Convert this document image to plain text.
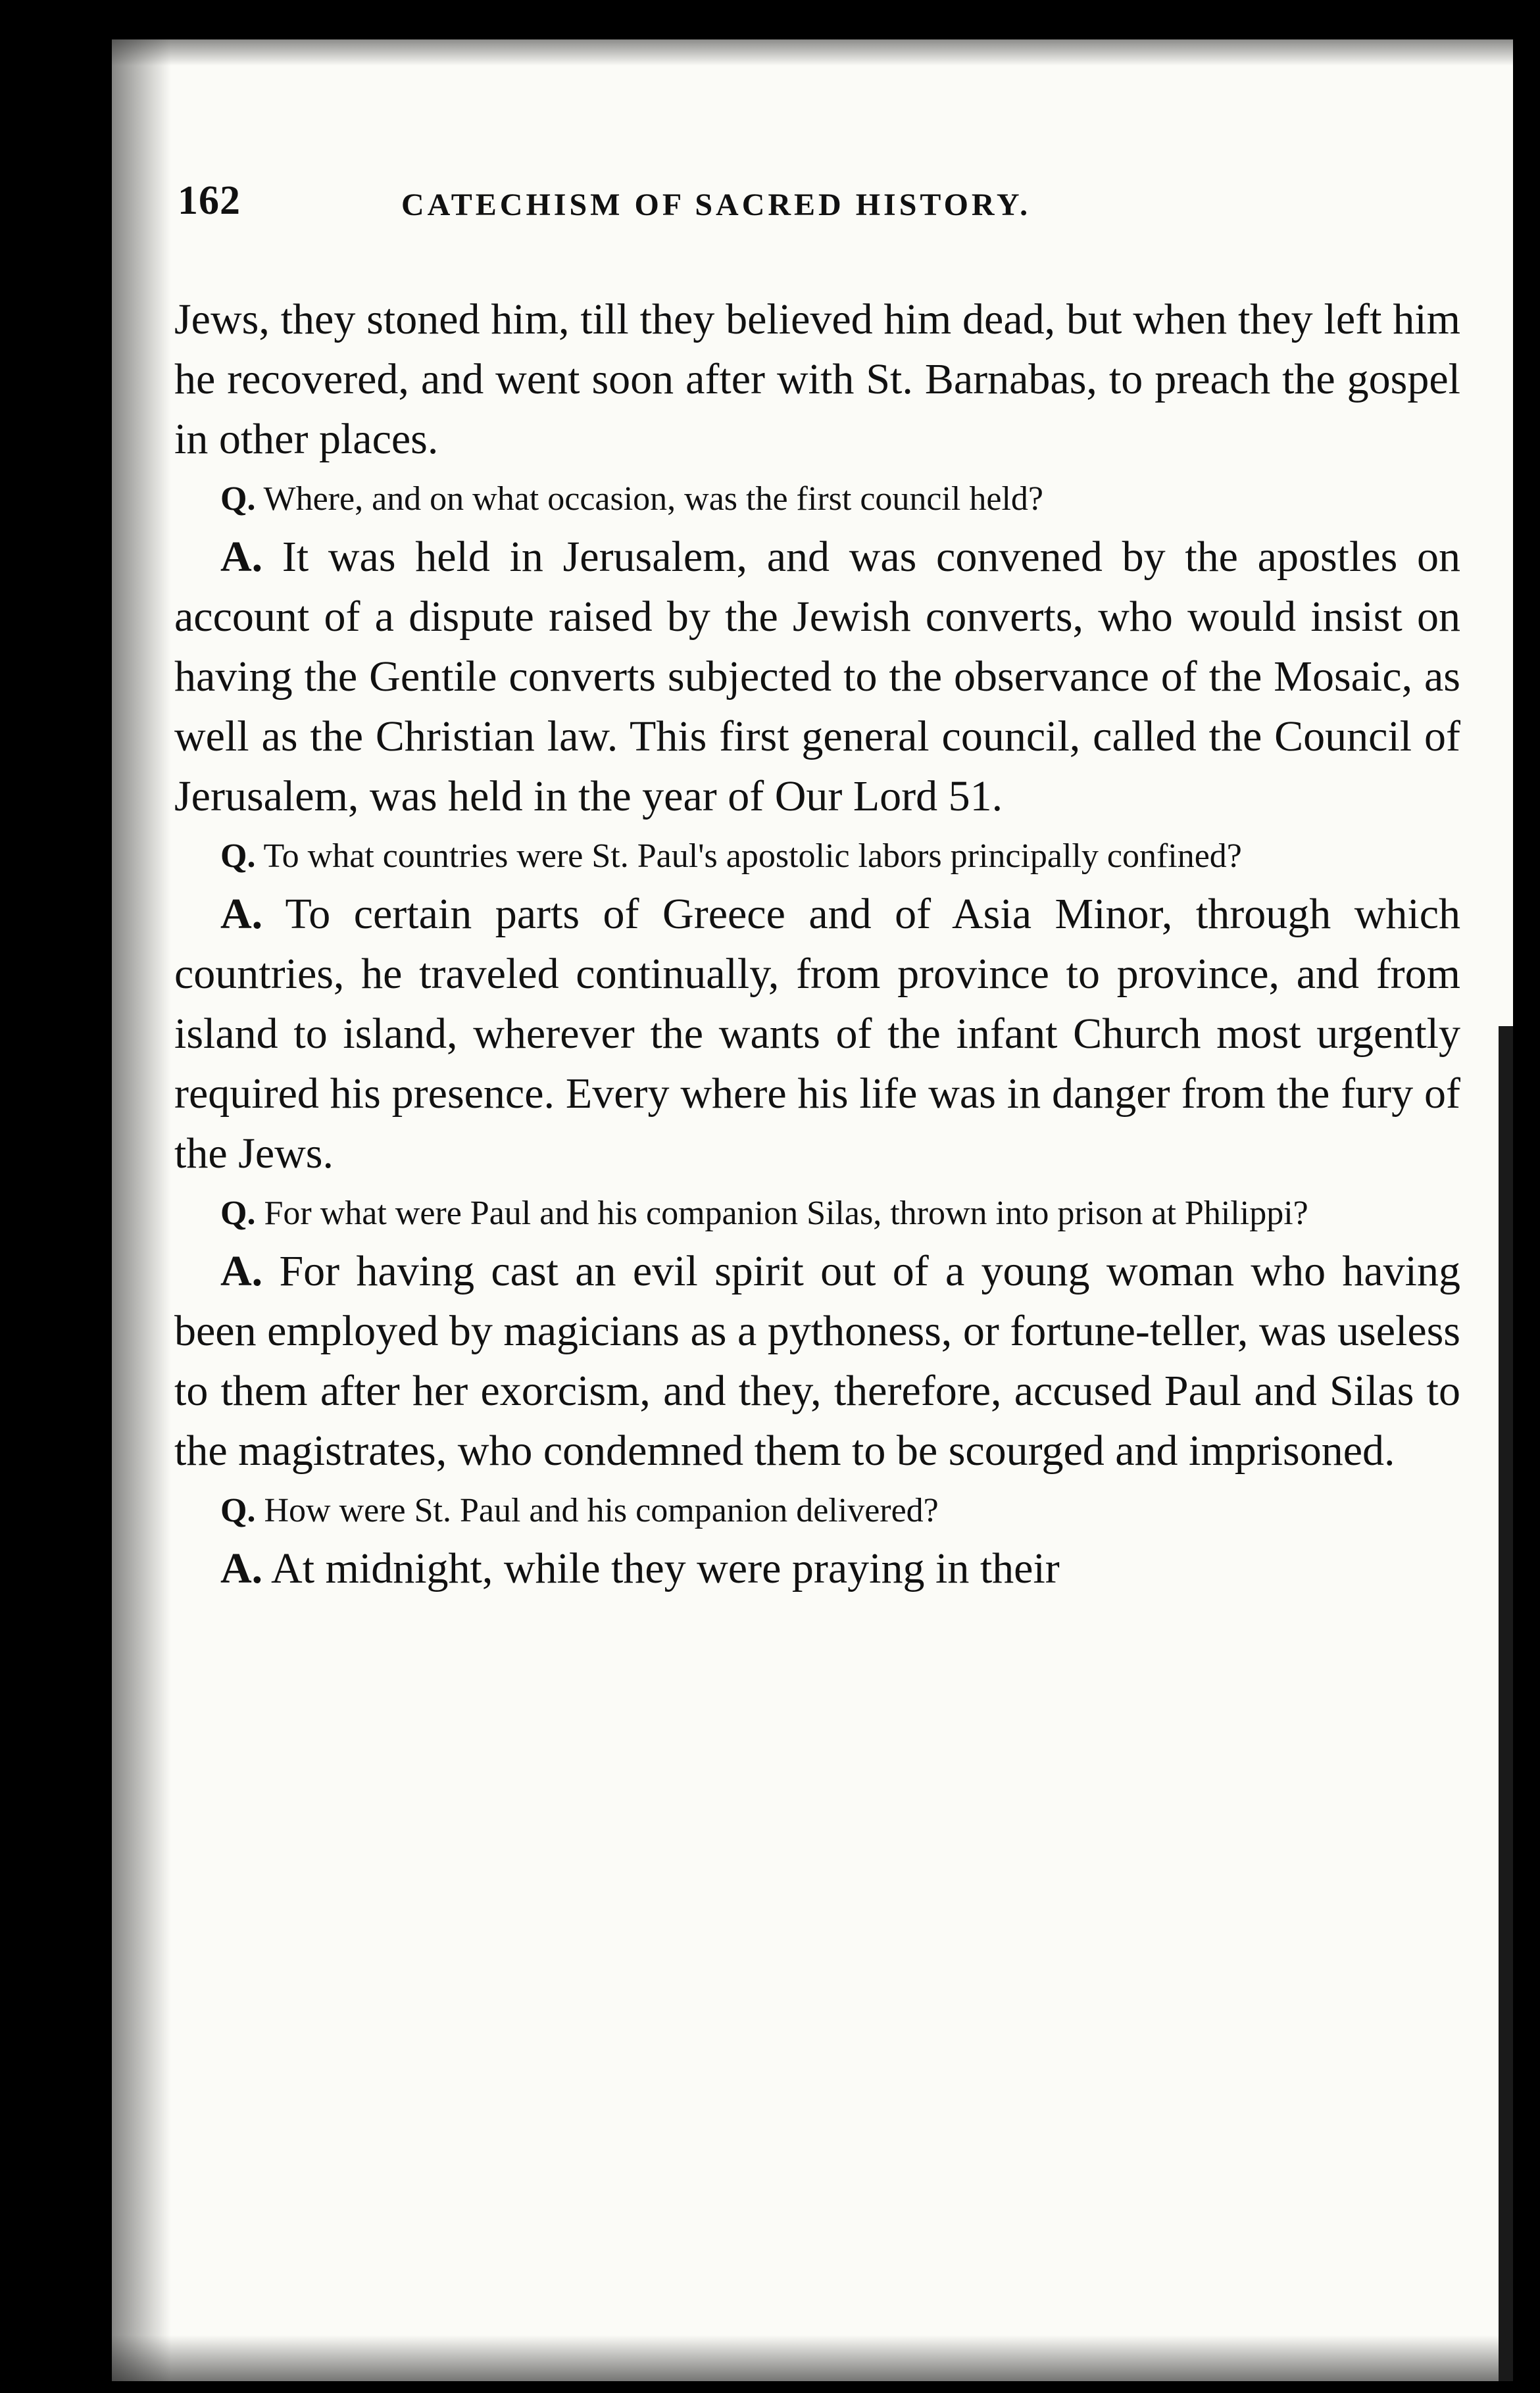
162	CATECHISM OF SACRED HISTORY.

Jews, they stoned him, till they believed him dead, but when they left him he recovered, and went soon after with St. Barnabas, to preach the gospel in other places.

Q. Where, and on what occasion, was the first council held?

A. It was held in Jerusalem, and was convened by the apostles on account of a dispute raised by the Jewish converts, who would insist on having the Gentile converts subjected to the observance of the Mosaic, as well as the Christian law. This first general council, called the Council of Jerusalem, was held in the year of Our Lord 51.

Q. To what countries were St. Paul's apostolic labors principally confined?

A. To certain parts of Greece and of Asia Minor, through which countries, he traveled continually, from province to province, and from island to island, wherever the wants of the infant Church most urgently required his presence. Every where his life was in danger from the fury of the Jews.

Q. For what were Paul and his companion Silas, thrown into prison at Philippi?

A. For having cast an evil spirit out of a young woman who having been employed by magicians as a pythoness, or fortune-teller, was useless to them after her exorcism, and they, therefore, accused Paul and Silas to the magistrates, who condemned them to be scourged and imprisoned.

Q. How were St. Paul and his companion delivered?

A. At midnight, while they were praying in their
